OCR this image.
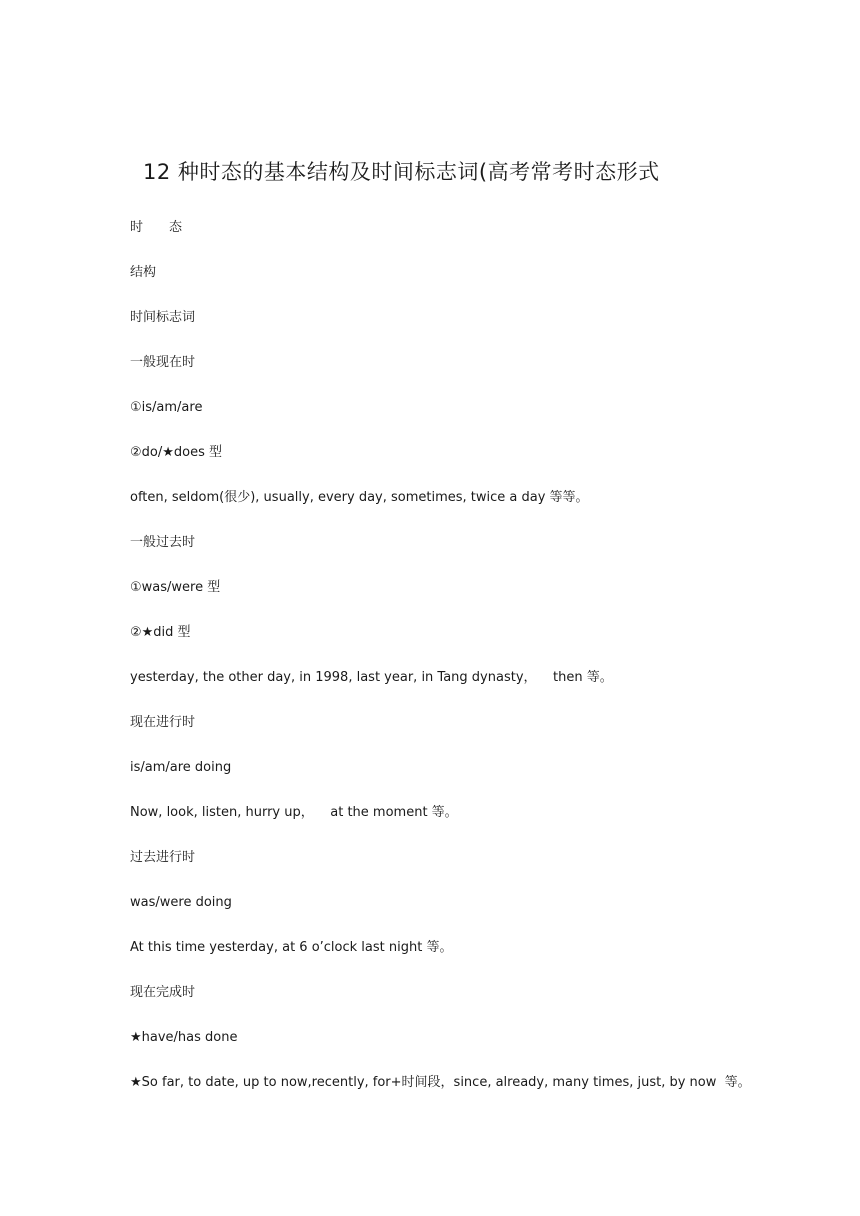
12 种时态的基本结构及时间标志词(高考常考时态形式
时　　态
结构
时间标志词
一般现在时
①is/am/are
②do/★does 型
often, seldom(很少), usually, every day, sometimes, twice a day 等等。
一般过去时
①was/were 型
②★did 型
yesterday, the other day, in 1998, last year, in Tang dynasty，    then 等。
现在进行时
is/am/are doing
Now, look, listen, hurry up，    at the moment 等。
过去进行时
was/were doing
At this time yesterday, at 6 o’clock last night 等。
现在完成时
★have/has done
★So far, to date, up to now,recently, for+时间段，since, already, many times, just, by now  等。
